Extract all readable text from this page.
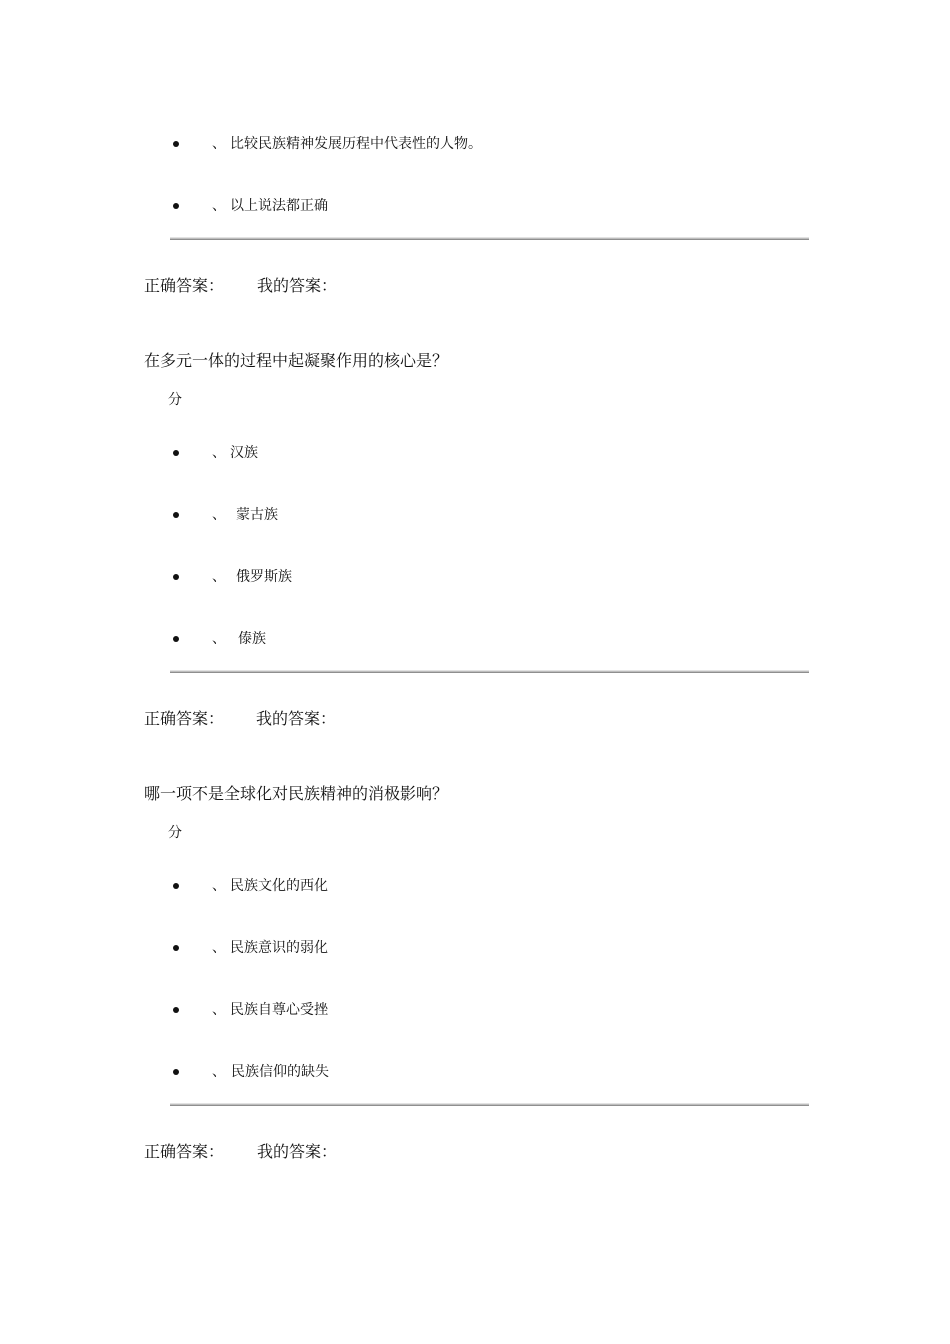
、 比较民族精神发展历程中代表性的人物。
、 以上说法都正确
正确答案： 我的答案：
在多元一体的过程中起凝聚作用的核心是？
分
、 汉族
、 蒙古族
、 俄罗斯族
、 傣族
正确答案： 我的答案：
哪一项不是全球化对民族精神的消极影响？
分
、 民族文化的西化
、 民族意识的弱化
、 民族自尊心受挫
、 民族信仰的缺失
正确答案： 我的答案：
